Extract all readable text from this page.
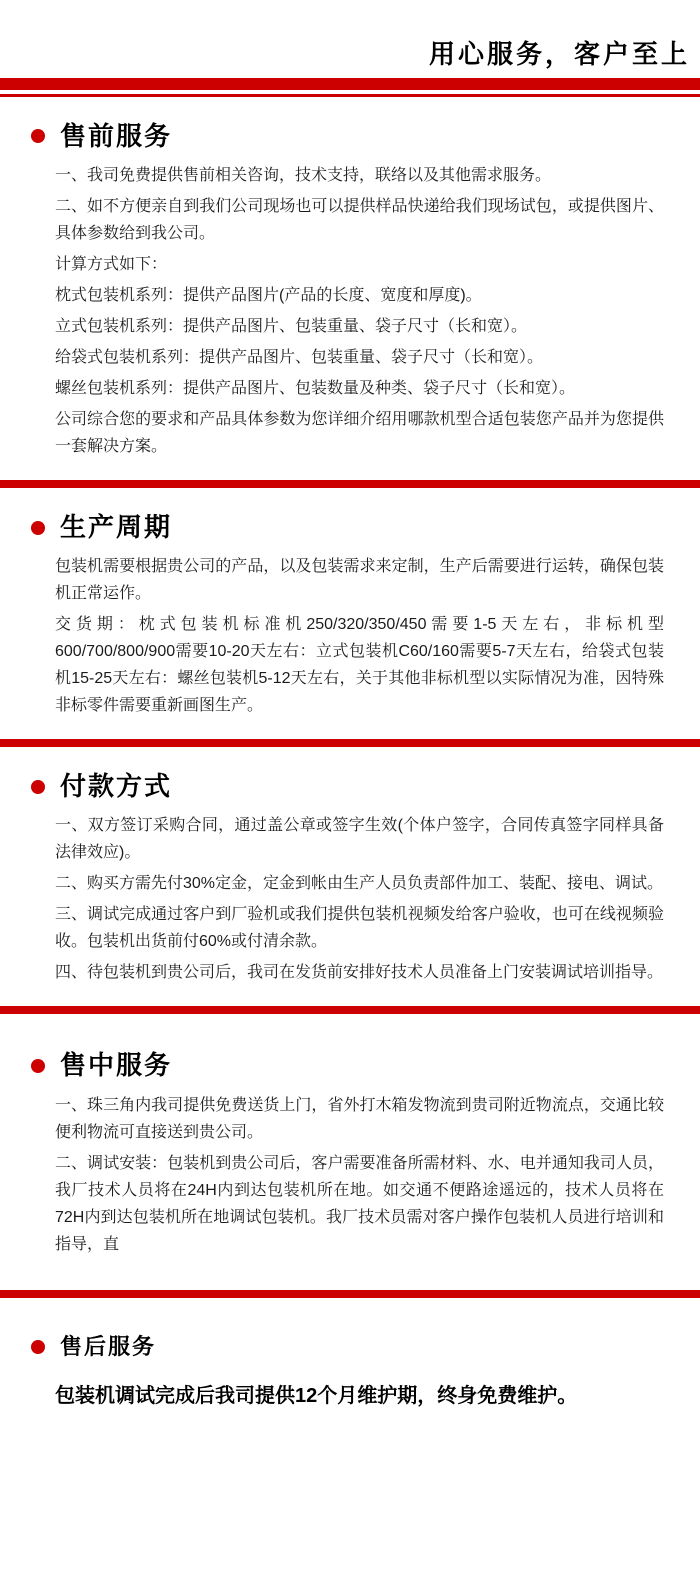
用心服务，客户至上
售前服务

一、我司免费提供售前相关咨询，技术支持，联络以及其他需求服务。

二、如不方便亲自到我们公司现场也可以提供样品快递给我们现场试包，或提供图片、具体参数给到我公司。

计算方式如下：

枕式包装机系列：提供产品图片(产品的长度、宽度和厚度)。

立式包装机系列：提供产品图片、包装重量、袋子尺寸（长和宽）。

给袋式包装机系列：提供产品图片、包装重量、袋子尺寸（长和宽）。

螺丝包装机系列：提供产品图片、包装数量及种类、袋子尺寸（长和宽）。

公司综合您的要求和产品具体参数为您详细介绍用哪款机型合适包装您产品并为您提供一套解决方案。

生产周期

包装机需要根据贵公司的产品，以及包装需求来定制，生产后需要进行运转，确保包装机正常运作。

交货期：枕式包装机标准机250/320/350/450需要1-5天左右，非标机型600/700/800/900需要10-20天左右：立式包装机C60/160需要5-7天左右，给袋式包装机15-25天左右：螺丝包装机5-12天左右，关于其他非标机型以实际情况为准，因特殊非标零件需要重新画图生产。

付款方式

一、双方签订采购合同，通过盖公章或签字生效(个体户签字，合同传真签字同样具备法律效应)。

二、购买方需先付30%定金，定金到帐由生产人员负责部件加工、装配、接电、调试。

三、调试完成通过客户到厂验机或我们提供包装机视频发给客户验收，也可在线视频验收。包装机出货前付60%或付清余款。

四、待包装机到贵公司后，我司在发货前安排好技术人员准备上门安装调试培训指导。

售中服务

一、珠三角内我司提供免费送货上门，省外打木箱发物流到贵司附近物流点，交通比较便利物流可直接送到贵公司。

二、调试安装：包装机到贵公司后，客户需要准备所需材料、水、电并通知我司人员，我厂技术人员将在24H内到达包装机所在地。如交通不便路途遥远的，技术人员将在72H内到达包装机所在地调试包装机。我厂技术员需对客户操作包装机人员进行培训和指导，直

售后服务

包装机调试完成后我司提供12个月维护期，终身免费维护。
